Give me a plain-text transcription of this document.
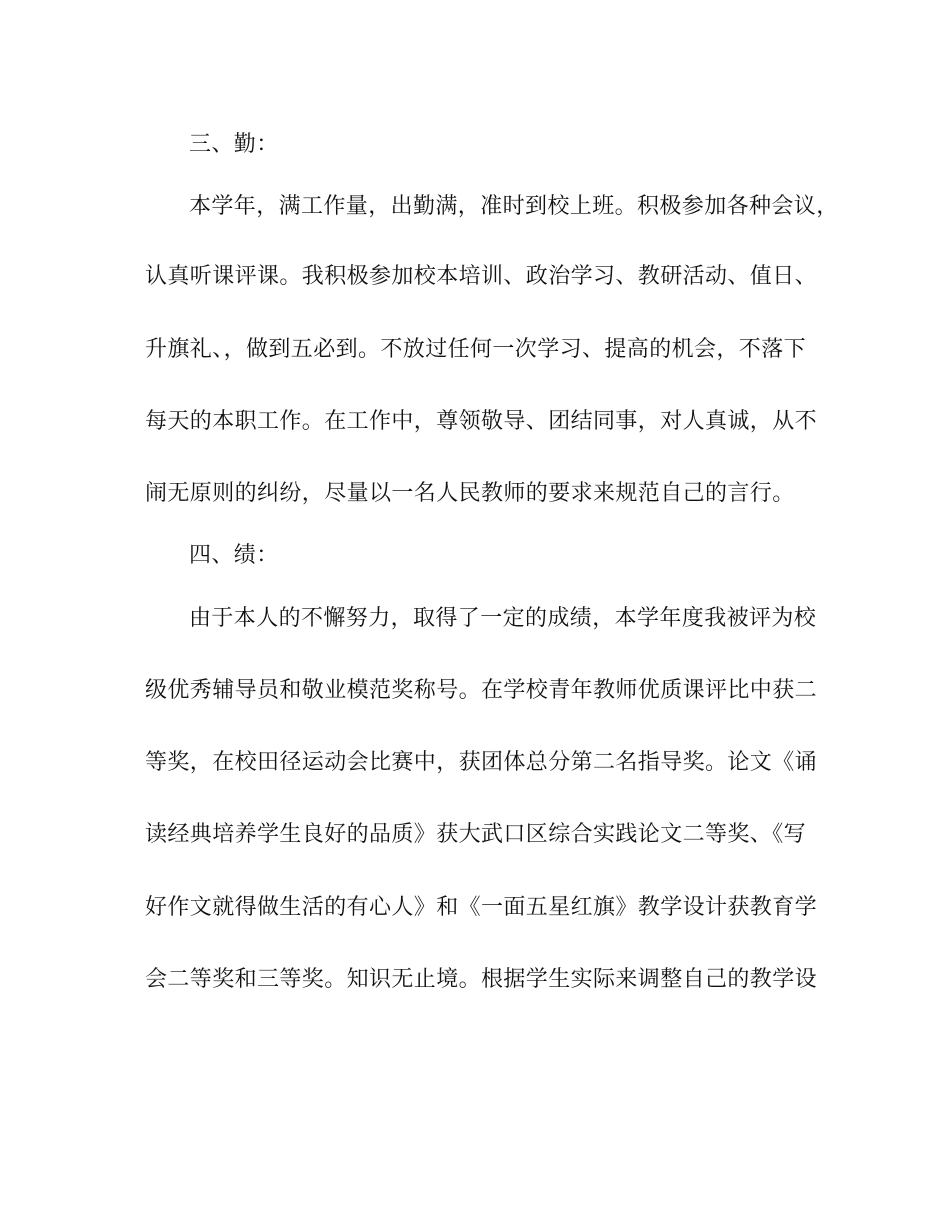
三、勤：
本学年，满工作量，出勤满，准时到校上班。积极参加各种会议，
认真听课评课。我积极参加校本培训、政治学习、教研活动、值日、
升旗礼、，做到五必到。不放过任何一次学习、提高的机会，不落下
每天的本职工作。在工作中，尊领敬导、团结同事，对人真诚，从不
闹无原则的纠纷，尽量以一名人民教师的要求来规范自己的言行。
四、绩：
由于本人的不懈努力，取得了一定的成绩，本学年度我被评为校
级优秀辅导员和敬业模范奖称号。在学校青年教师优质课评比中获二
等奖，在校田径运动会比赛中，获团体总分第二名指导奖。论文《诵
读经典培养学生良好的品质》获大武口区综合实践论文二等奖、《写
好作文就得做生活的有心人》和《一面五星红旗》教学设计获教育学
会二等奖和三等奖。知识无止境。根据学生实际来调整自己的教学设
